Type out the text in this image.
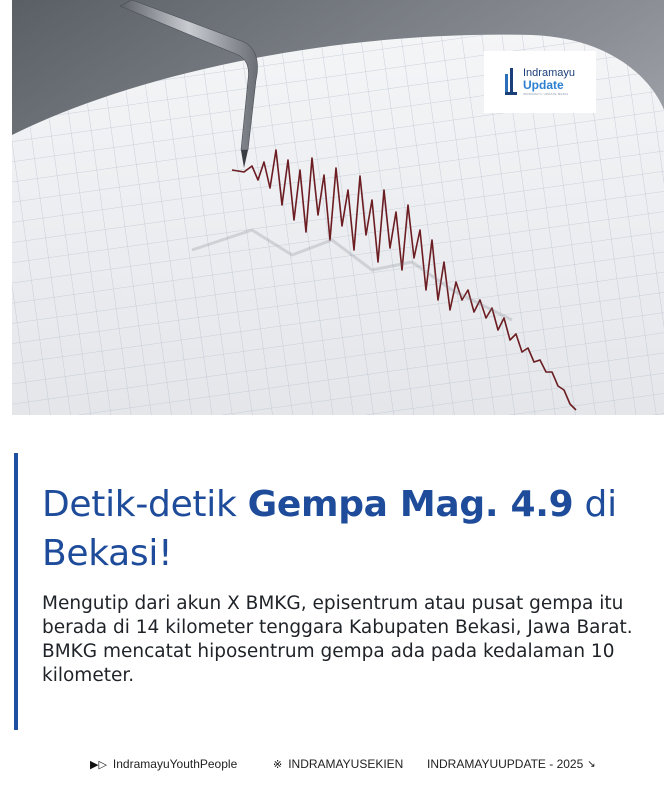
Indramayu
Update
INDRAMAYU UPDATE MEDIA
Detik-detik Gempa Mag. 4.9 di Bekasi!

Mengutip dari akun X BMKG, episentrum atau pusat gempa itu berada di 14 kilometer tenggara Kabupaten Bekasi, Jawa Barat. BMKG mencatat hiposentrum gempa ada pada kedalaman 10 kilometer.

▶▷ IndramayuYouthPeople	※ INDRAMAYUSEKIEN INDRAMAYUUPDATE - 2025 ↘
